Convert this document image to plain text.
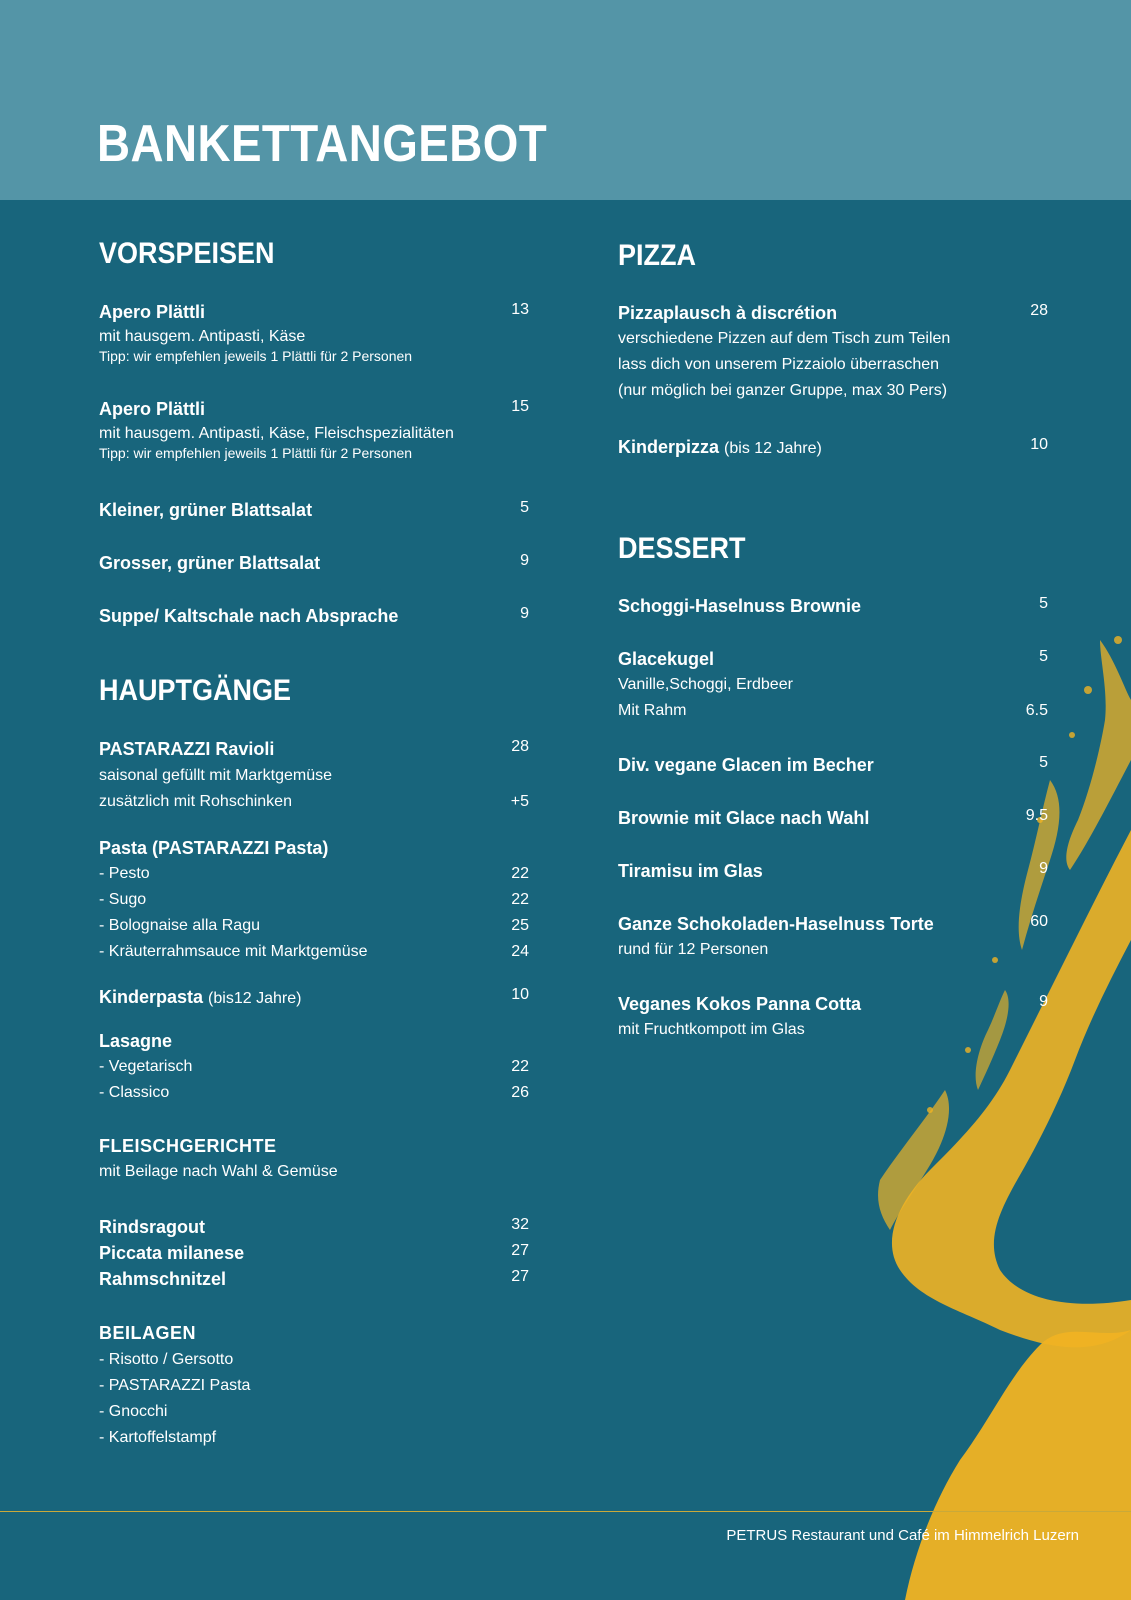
BANKETTANGEBOT
VORSPEISEN
Apero Plättli	13
mit hausgem. Antipasti, Käse
Tipp: wir empfehlen jeweils 1 Plättli für 2 Personen
Apero Plättli	15
mit hausgem. Antipasti, Käse, Fleischspezialitäten
Tipp: wir empfehlen jeweils 1 Plättli für 2 Personen
Kleiner, grüner Blattsalat	5
Grosser, grüner Blattsalat	9
Suppe/ Kaltschale nach Absprache	9
HAUPTGÄNGE
PASTARAZZI Ravioli	28
saisonal gefüllt mit Marktgemüse
zusätzlich mit Rohschinken	+5
Pasta (PASTARAZZI Pasta)
- Pesto	22
- Sugo	22
- Bolognaise alla Ragu	25
- Kräuterrahmsauce mit Marktgemüse	24
Kinderpasta (bis12 Jahre)	10
Lasagne
- Vegetarisch	22
- Classico	26
FLEISCHGERICHTE
mit Beilage nach Wahl & Gemüse
Rindsragout	32
Piccata milanese	27
Rahmschnitzel	27
BEILAGEN
- Risotto / Gersotto
- PASTARAZZI Pasta
- Gnocchi
- Kartoffelstampf
PIZZA
Pizzaplausch à discrétion	28
verschiedene Pizzen auf dem Tisch zum Teilen
lass dich von unserem Pizzaiolo überraschen
(nur möglich bei ganzer Gruppe, max 30 Pers)
Kinderpizza (bis 12 Jahre)	10
DESSERT
Schoggi-Haselnuss Brownie	5
Glacekugel	5
Vanille,Schoggi, Erdbeer
Mit Rahm	6.5
Div. vegane Glacen im Becher	5
Brownie mit Glace nach Wahl	9.5
Tiramisu im Glas	9
Ganze Schokoladen-Haselnuss Torte	60
rund für 12 Personen
Veganes Kokos Panna Cotta	9
mit Fruchtkompott im Glas
PETRUS Restaurant und Café im Himmelrich Luzern
